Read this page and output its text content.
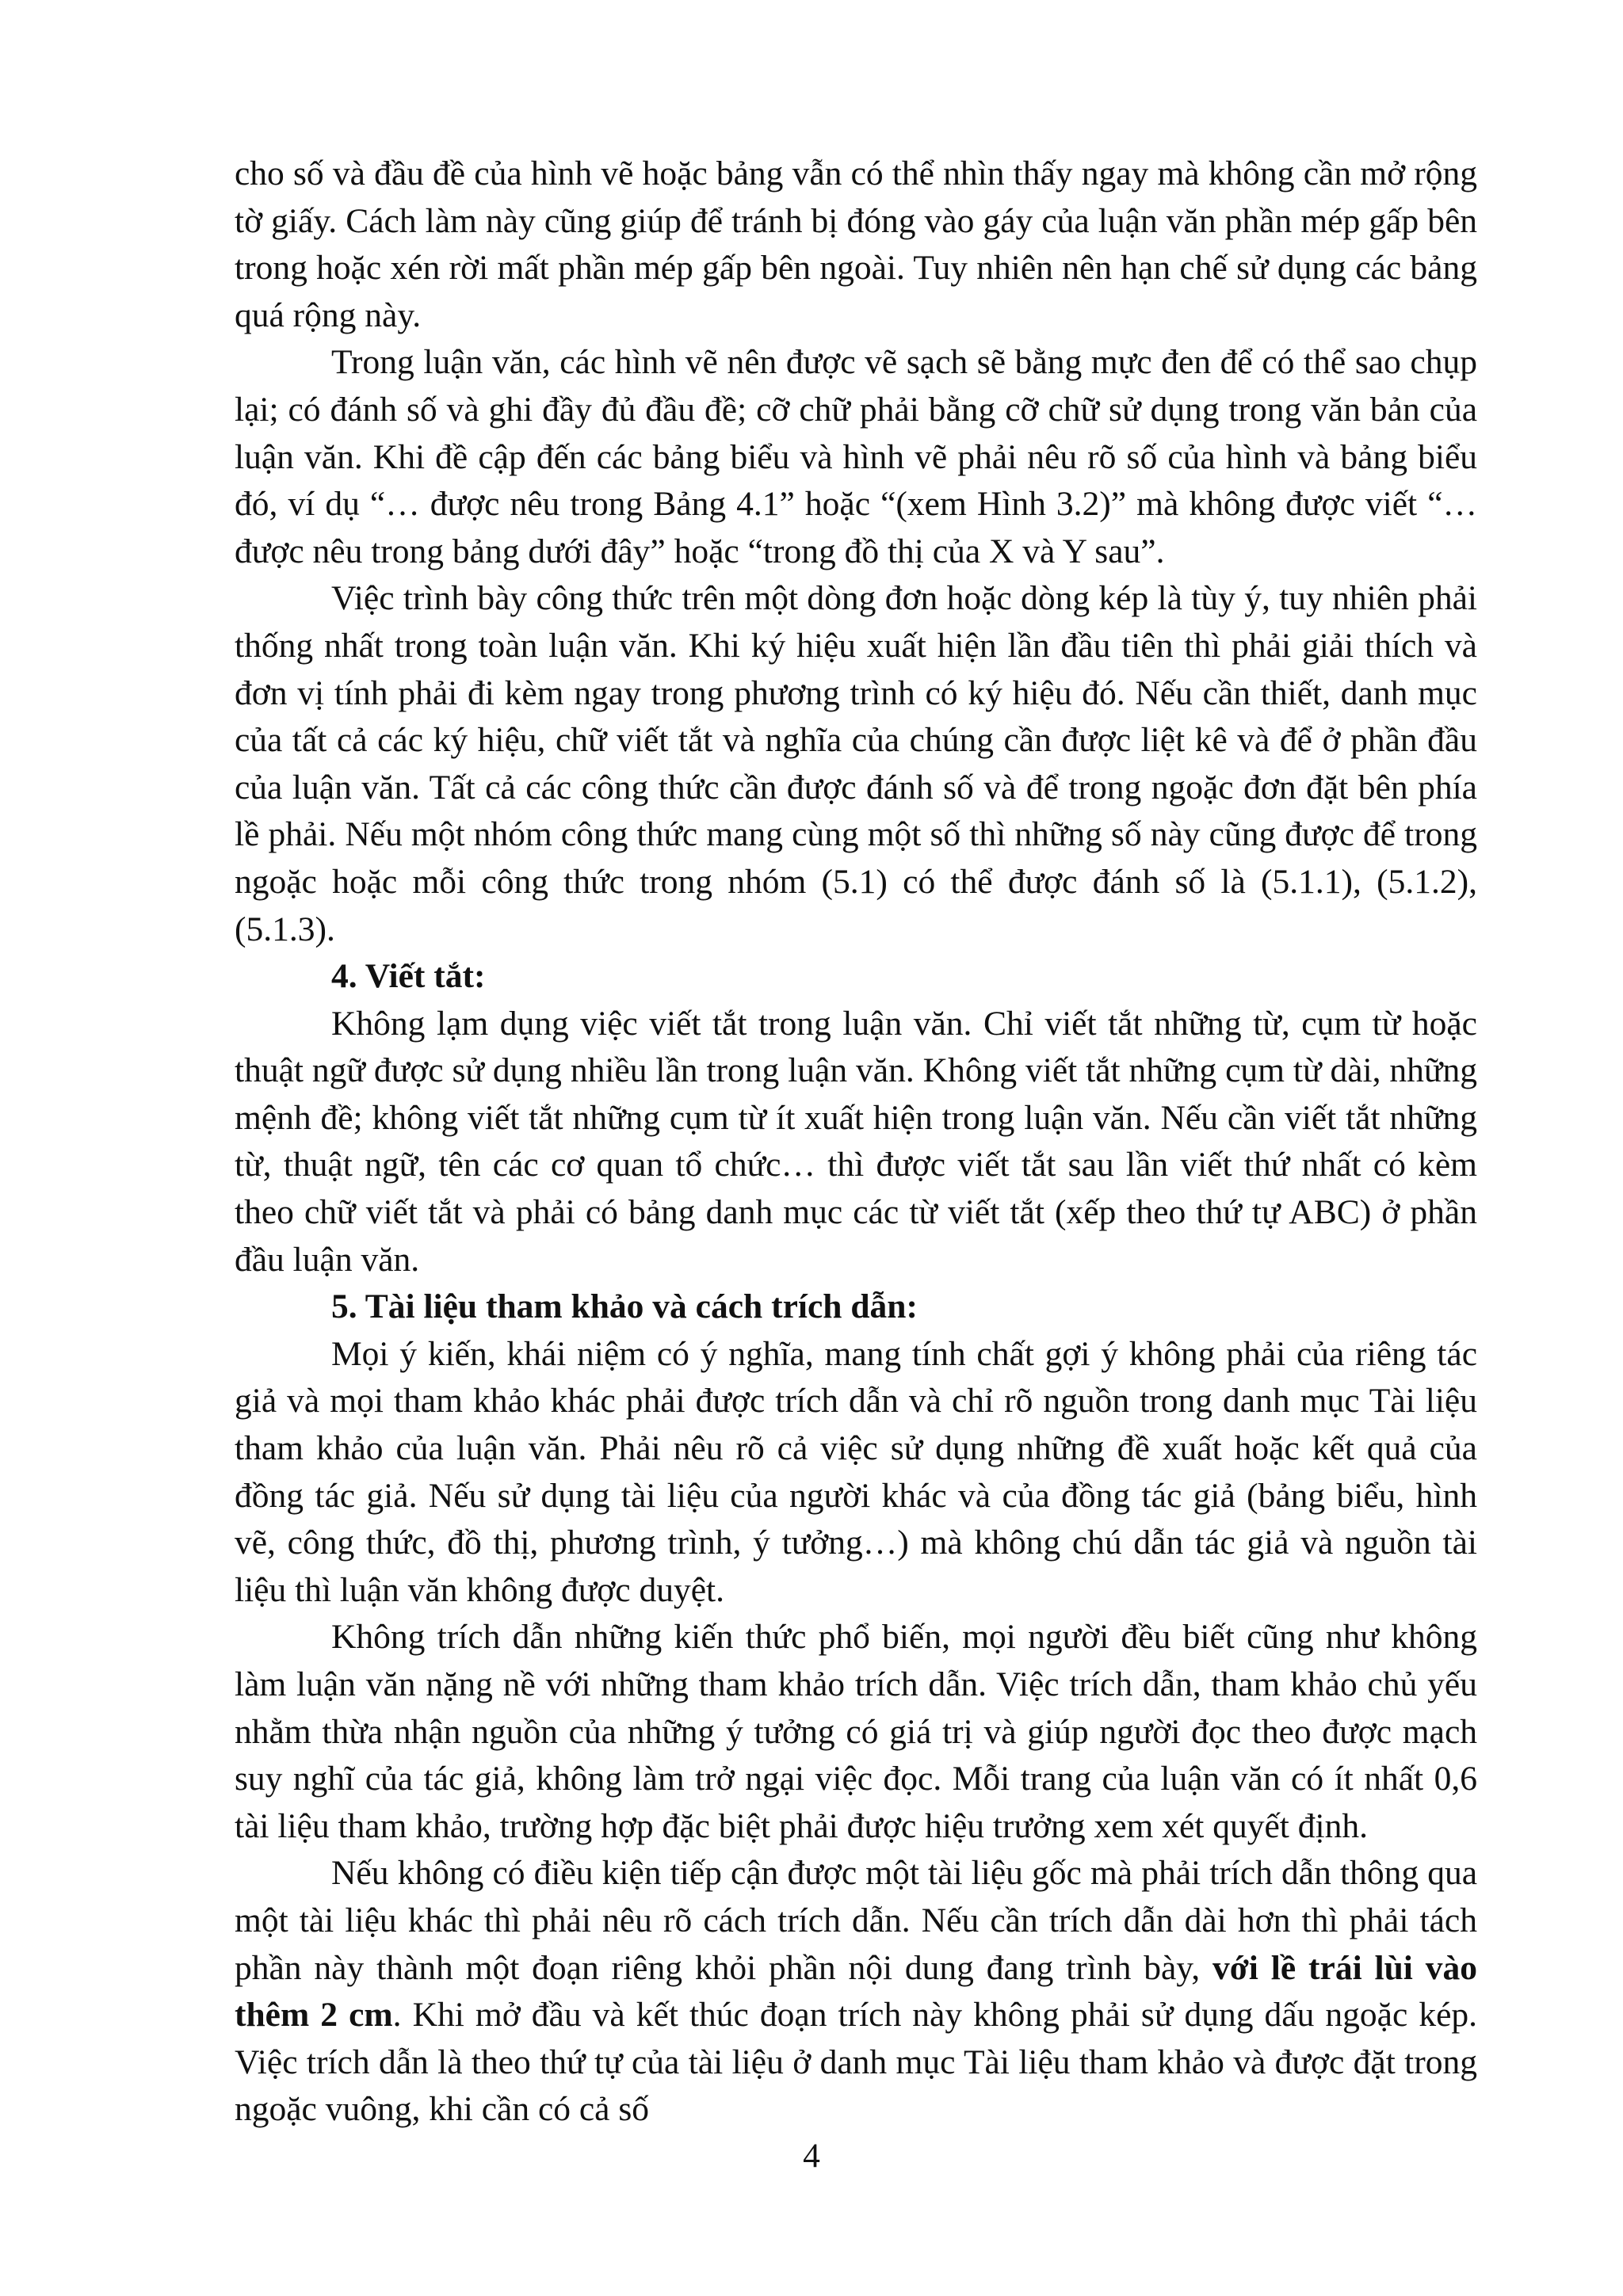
cho số và đầu đề của hình vẽ hoặc bảng vẫn có thể nhìn thấy ngay mà không cần mở rộng tờ giấy. Cách làm này cũng giúp để tránh bị đóng vào gáy của luận văn phần mép gấp bên trong hoặc xén rời mất phần mép gấp bên ngoài. Tuy nhiên nên hạn chế sử dụng các bảng quá rộng này.

Trong luận văn, các hình vẽ nên được vẽ sạch sẽ bằng mực đen để có thể sao chụp lại; có đánh số và ghi đầy đủ đầu đề; cỡ chữ phải bằng cỡ chữ sử dụng trong văn bản của luận văn. Khi đề cập đến các bảng biểu và hình vẽ phải nêu rõ số của hình và bảng biểu đó, ví dụ “… được nêu trong Bảng 4.1” hoặc “(xem Hình 3.2)” mà không được viết “… được nêu trong bảng dưới đây” hoặc “trong đồ thị của X và Y sau”.

Việc trình bày công thức trên một dòng đơn hoặc dòng kép là tùy ý, tuy nhiên phải thống nhất trong toàn luận văn. Khi ký hiệu xuất hiện lần đầu tiên thì phải giải thích và đơn vị tính phải đi kèm ngay trong phương trình có ký hiệu đó. Nếu cần thiết, danh mục của tất cả các ký hiệu, chữ viết tắt và nghĩa của chúng cần được liệt kê và để ở phần đầu của luận văn. Tất cả các công thức cần được đánh số và để trong ngoặc đơn đặt bên phía lề phải. Nếu một nhóm công thức mang cùng một số thì những số này cũng được để trong ngoặc hoặc mỗi công thức trong nhóm (5.1) có thể được đánh số là (5.1.1), (5.1.2), (5.1.3).

4. Viết tắt:

Không lạm dụng việc viết tắt trong luận văn. Chỉ viết tắt những từ, cụm từ hoặc thuật ngữ được sử dụng nhiều lần trong luận văn. Không viết tắt những cụm từ dài, những mệnh đề; không viết tắt những cụm từ ít xuất hiện trong luận văn. Nếu cần viết tắt những từ, thuật ngữ, tên các cơ quan tổ chức… thì được viết tắt sau lần viết thứ nhất có kèm theo chữ viết tắt và phải có bảng danh mục các từ viết tắt (xếp theo thứ tự ABC) ở phần đầu luận văn.

5. Tài liệu tham khảo và cách trích dẫn:

Mọi ý kiến, khái niệm có ý nghĩa, mang tính chất gợi ý không phải của riêng tác giả và mọi tham khảo khác phải được trích dẫn và chỉ rõ nguồn trong danh mục Tài liệu tham khảo của luận văn. Phải nêu rõ cả việc sử dụng những đề xuất hoặc kết quả của đồng tác giả. Nếu sử dụng tài liệu của người khác và của đồng tác giả (bảng biểu, hình vẽ, công thức, đồ thị, phương trình, ý tưởng…) mà không chú dẫn tác giả và nguồn tài liệu thì luận văn không được duyệt.

Không trích dẫn những kiến thức phổ biến, mọi người đều biết cũng như không làm luận văn nặng nề với những tham khảo trích dẫn. Việc trích dẫn, tham khảo chủ yếu nhằm thừa nhận nguồn của những ý tưởng có giá trị và giúp người đọc theo được mạch suy nghĩ của tác giả, không làm trở ngại việc đọc. Mỗi trang của luận văn có ít nhất 0,6 tài liệu tham khảo, trường hợp đặc biệt phải được hiệu trưởng xem xét quyết định.

Nếu không có điều kiện tiếp cận được một tài liệu gốc mà phải trích dẫn thông qua một tài liệu khác thì phải nêu rõ cách trích dẫn. Nếu cần trích dẫn dài hơn thì phải tách phần này thành một đoạn riêng khỏi phần nội dung đang trình bày, với lề trái lùi vào thêm 2 cm. Khi mở đầu và kết thúc đoạn trích này không phải sử dụng dấu ngoặc kép. Việc trích dẫn là theo thứ tự của tài liệu ở danh mục Tài liệu tham khảo và được đặt trong ngoặc vuông, khi cần có cả số

4
